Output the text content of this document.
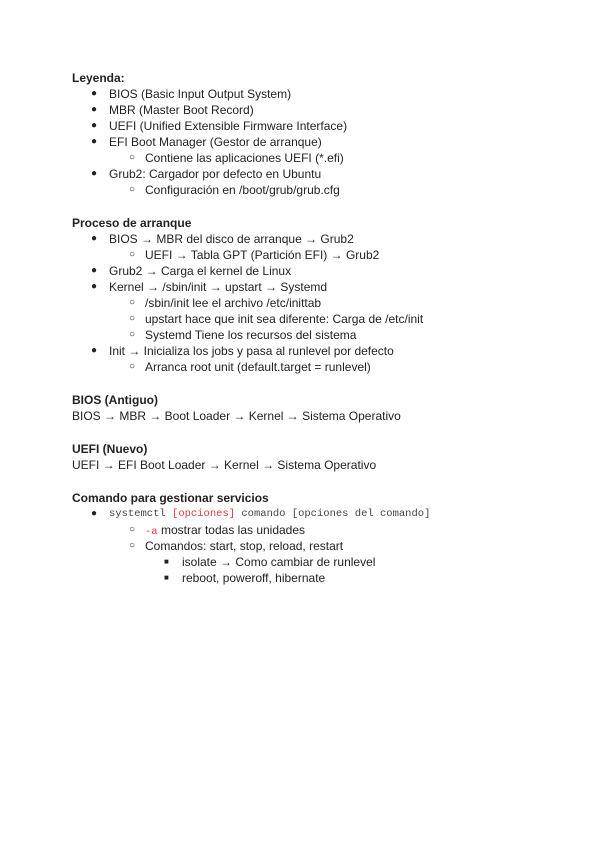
Leyenda:
● BIOS (Basic Input Output System)
● MBR (Master Boot Record)
● UEFI (Unified Extensible Firmware Interface)
● EFI Boot Manager (Gestor de arranque)
○ Contiene las aplicaciones UEFI (*.efi)
● Grub2: Cargador por defecto en Ubuntu
○ Configuración en /boot/grub/grub.cfg
Proceso de arranque
● BIOS → MBR del disco de arranque → Grub2
○ UEFI → Tabla GPT (Partición EFI) → Grub2
● Grub2 → Carga el kernel de Linux
● Kernel → /sbin/init → upstart → Systemd
○ /sbin/init lee el archivo /etc/inittab
○ upstart hace que init sea diferente: Carga de /etc/init
○ Systemd Tiene los recursos del sistema
● Init → Inicializa los jobs y pasa al runlevel por defecto
○ Arranca root unit (default.target = runlevel)
BIOS (Antiguo)
BIOS → MBR → Boot Loader → Kernel → Sistema Operativo
UEFI (Nuevo)
UEFI → EFI Boot Loader → Kernel → Sistema Operativo
Comando para gestionar servicios
● systemctl [opciones] comando [opciones del comando]
○ -a mostrar todas las unidades
○ Comandos: start, stop, reload, restart
■ isolate → Como cambiar de runlevel
■ reboot, poweroff, hibernate
